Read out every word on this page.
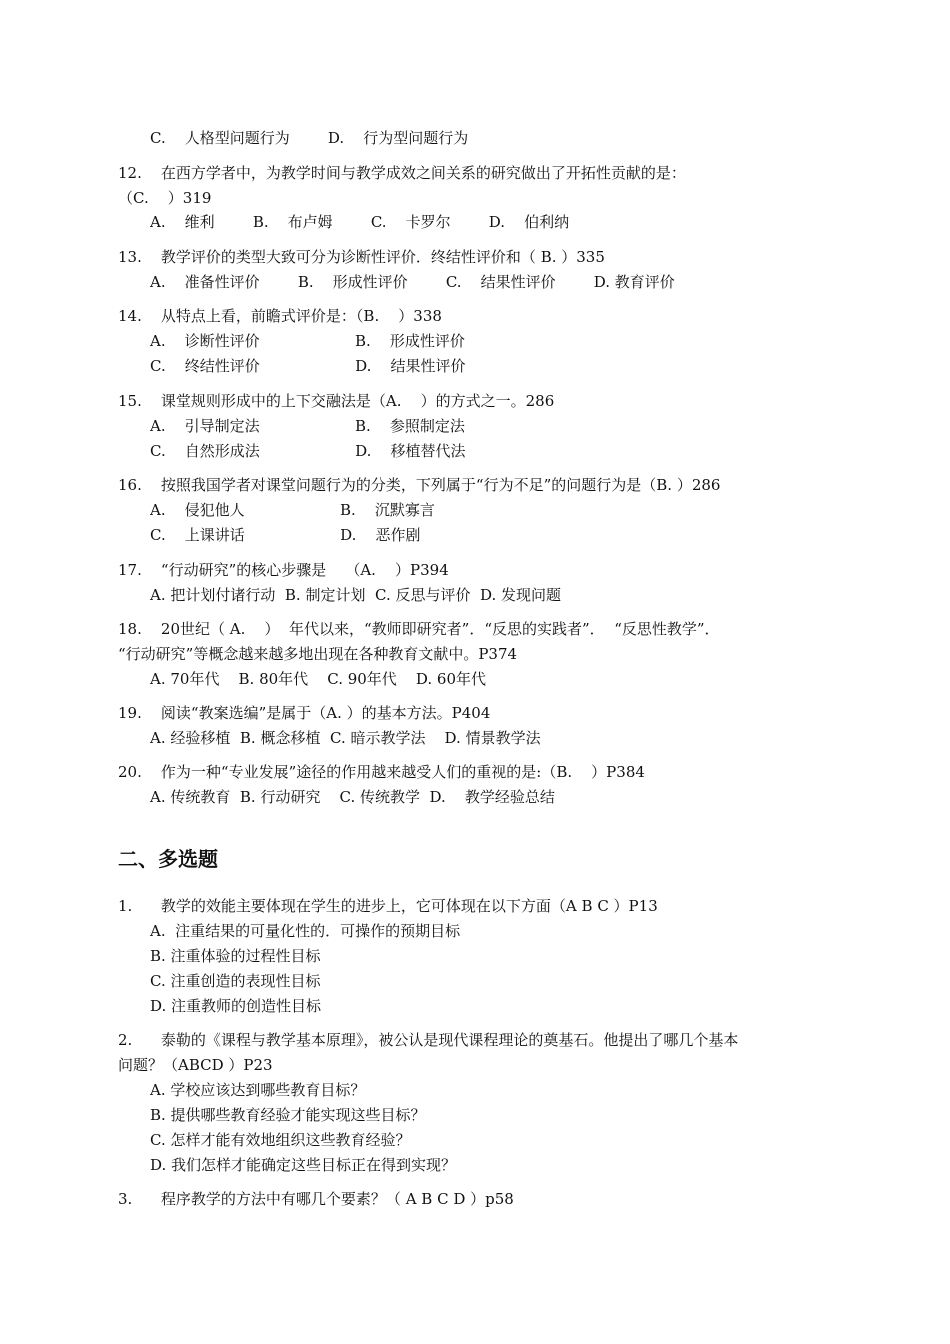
C.    人格型问题行为        D.    行为型问题行为
12.    在西方学者中，为教学时间与教学成效之间关系的研究做出了开拓性贡献的是：
（C.    ）319
A.    维利        B.    布卢姆        C.    卡罗尔        D.    伯利纳
13.    教学评价的类型大致可分为诊断性评价．终结性评价和（ B. ）335
A.    准备性评价        B.    形成性评价        C.    结果性评价        D. 教育评价
14.    从特点上看，前瞻式评价是：（B.    ）338
A.    诊断性评价                    B.    形成性评价
C.    终结性评价                    D.    结果性评价
15.    课堂规则形成中的上下交融法是（A.    ）的方式之一。286
A.    引导制定法                    B.    参照制定法
C.    自然形成法                    D.    移植替代法
16.    按照我国学者对课堂问题行为的分类，下列属于“行为不足”的问题行为是（B. ）286
A.    侵犯他人                    B.    沉默寡言
C.    上课讲话                    D.    恶作剧
17.    “行动研究”的核心步骤是    （A.    ）P394
A. 把计划付诸行动  B. 制定计划  C. 反思与评价  D. 发现问题
18.    20世纪（ A.    ）  年代以来，“教师即研究者”．“反思的实践者”．  “反思性教学”．
“行动研究”等概念越来越多地出现在各种教育文献中。P374
A. 70年代    B. 80年代    C. 90年代    D. 60年代
19.    阅读“教案选编”是属于（A. ）的基本方法。P404
A. 经验移植  B. 概念移植  C. 暗示教学法    D. 情景教学法
20.    作为一种“专业发展”途径的作用越来越受人们的重视的是:（B.    ）P384
A. 传统教育  B. 行动研究    C. 传统教学  D.    教学经验总结
二、多选题
1.      教学的效能主要体现在学生的进步上，它可体现在以下方面（A B C ）P13
A.  注重结果的可量化性的．可操作的预期目标
B. 注重体验的过程性目标
C. 注重创造的表现性目标
D. 注重教师的创造性目标
2.      泰勒的《课程与教学基本原理》，被公认是现代课程理论的奠基石。他提出了哪几个基本
问题？（ABCD ）P23
A. 学校应该达到哪些教育目标？
B. 提供哪些教育经验才能实现这些目标？
C. 怎样才能有效地组织这些教育经验？
D. 我们怎样才能确定这些目标正在得到实现？
3.      程序教学的方法中有哪几个要素？（ A B C D ）p58
